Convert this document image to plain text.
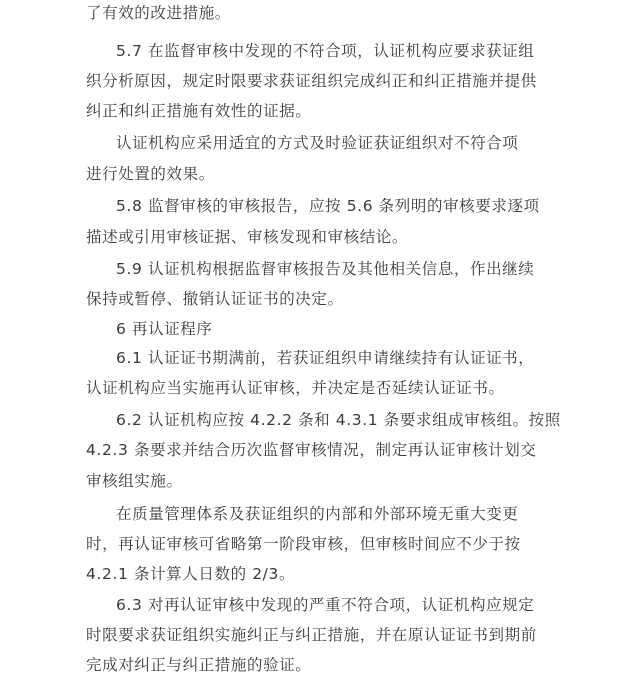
了有效的改进措施。
5.7 在监督审核中发现的不符合项，认证机构应要求获证组
织分析原因，规定时限要求获证组织完成纠正和纠正措施并提供
纠正和纠正措施有效性的证据。
认证机构应采用适宜的方式及时验证获证组织对不符合项
进行处置的效果。
5.8 监督审核的审核报告，应按 5.6 条列明的审核要求逐项
描述或引用审核证据、审核发现和审核结论。
5.9 认证机构根据监督审核报告及其他相关信息，作出继续
保持或暂停、撤销认证证书的决定。
6 再认证程序
6.1 认证证书期满前，若获证组织申请继续持有认证证书，
认证机构应当实施再认证审核，并决定是否延续认证证书。
6.2 认证机构应按 4.2.2 条和 4.3.1 条要求组成审核组。按照
4.2.3 条要求并结合历次监督审核情况，制定再认证审核计划交
审核组实施。
在质量管理体系及获证组织的内部和外部环境无重大变更
时，再认证审核可省略第一阶段审核，但审核时间应不少于按
4.2.1 条计算人日数的 2/3。
6.3 对再认证审核中发现的严重不符合项，认证机构应规定
时限要求获证组织实施纠正与纠正措施，并在原认证证书到期前
完成对纠正与纠正措施的验证。
